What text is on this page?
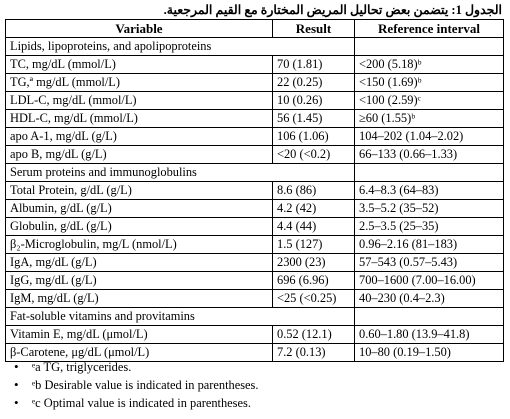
الجدول 1: يتضمن بعض تحاليل المريض المختارة مع القيم المرجعية.
Variable	Result	Reference interval
Lipids, lipoproteins, and apolipoproteins		
TC, mg/dL (mmol/L)	70 (1.81)	<200 (5.18)ᵇ
TG,ª mg/dL (mmol/L)	22 (0.25)	<150 (1.69)ᵇ
LDL-C, mg/dL (mmol/L)	10 (0.26)	<100 (2.59)ᶜ
HDL-C, mg/dL (mmol/L)	56 (1.45)	≥60 (1.55)ᵇ
apo A-1, mg/dL (g/L)	106 (1.06)	104–202 (1.04–2.02)
apo B, mg/dL (g/L)	<20 (<0.2)	66–133 (0.66–1.33)
Serum proteins and immunoglobulins		
Total Protein, g/dL (g/L)	8.6 (86)	6.4–8.3 (64–83)
Albumin, g/dL (g/L)	4.2 (42)	3.5–5.2 (35–52)
Globulin, g/dL (g/L)	4.4 (44)	2.5–3.5 (25–35)
β₂-Microglobulin, mg/L (nmol/L)	1.5 (127)	0.96–2.16 (81–183)
IgA, mg/dL (g/L)	2300 (23)	57–543 (0.57–5.43)
IgG, mg/dL (g/L)	696 (6.96)	700–1600 (7.00–16.00)
IgM, mg/dL (g/L)	<25 (<0.25)	40–230 (0.4–2.3)
Fat-soluble vitamins and provitamins		
Vitamin E, mg/dL (μmol/L)	0.52 (12.1)	0.60–1.80 (13.9–41.8)
β-Carotene, μg/dL (μmol/L)	7.2 (0.13)	10–80 (0.19–1.50)
• ᵉa TG, triglycerides.
• ᵉb Desirable value is indicated in parentheses.
• ᵉc Optimal value is indicated in parentheses.
